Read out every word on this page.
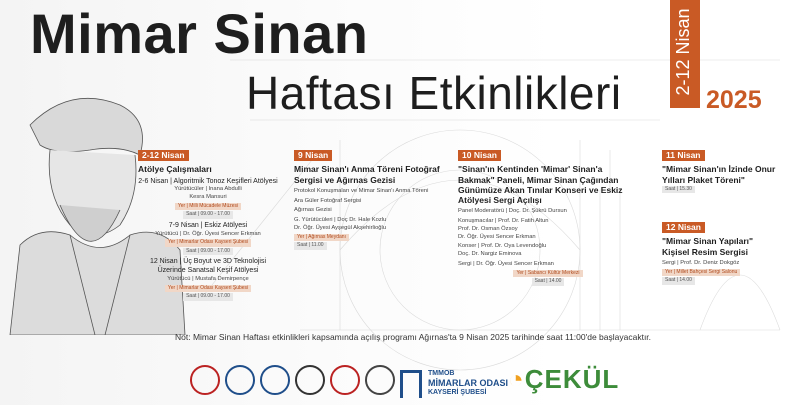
Mimar Sinan
Haftası Etkinlikleri	2-12 Nisan
2025
2-12 Nisan
Atölye Çalışmaları
2-6 Nisan | Algoritmik Tonoz Keşifleri Atölyesi
Yürütücüler | Inana Abdulli
Kesra Mansuri
Yer | Milli Mücadele Müzesi
Saat | 09.00 - 17.00
7-9 Nisan | Eskiz Atölyesi
Yürütücü | Dr. Öğr. Üyesi Sencer Erkman
Yer | Mimarlar Odası Kayseri Şubesi
Saat | 09.00 - 17.00
12 Nisan | Üç Boyut ve 3D Teknolojisi Üzerinde Sanatsal Keşif Atölyesi
Yürütücü | Mustafa Demirpençe
Yer | Mimarlar Odası Kayseri Şubesi
Saat | 09.00 - 17.00
9 Nisan
Mimar Sinan'ı Anma Töreni Fotoğraf Sergisi ve Ağırnas Gezisi
Protokol Konuşmaları ve Mimar Sinan'ı Anma Töreni
Ara Güler Fotoğraf Sergisi
Ağırnas Gezisi
G. Yürütücüleri | Doç Dr. Hale Kozlu
Dr. Öğr. Üyesi Ayşegül Akşehirlioğlu
Yer | Ağırnas Meydanı
Saat | 11.00
10 Nisan
"Sinan'ın Kentinden 'Mimar' Sinan'a Bakmak" Paneli, Mimar Sinan Çağından Günümüze Akan Tınılar Konseri ve Eskiz Atölyesi Sergi Açılışı
Panel Moderatörü | Doç. Dr. Şükrü Dursun
Konuşmacılar | Prof. Dr. Fatih Altun
Prof. Dr. Osman Özsoy
Dr. Öğr. Üyesi Sencer Erkman
Konser | Prof. Dr. Oya Levendoğlu
Doç. Dr. Nargiz Eminova
Sergi | Dr. Öğr. Üyesi Sencer Erkman
Yer | Sabancı Kültür Merkezi
Saat | 14.00
11 Nisan
"Mimar Sinan'ın İzinde Onur Yılları Plaket Töreni"
Saat | 15.30
12 Nisan
"Mimar Sinan Yapıları" Kişisel Resim Sergisi
Sergi | Prof. Dr. Deniz Dokgöz
Yer | Millet Bahçesi Sergi Salonu
Saat | 14.00
Not: Mimar Sinan Haftası etkinlikleri kapsamında açılış programı Ağırnas'ta 9 Nisan 2025 tarihinde saat 11:00'de başlayacaktır.
TMMOB
MİMARLAR ODASI
KAYSERİ ŞUBESİ ◔ÇEKÜL
